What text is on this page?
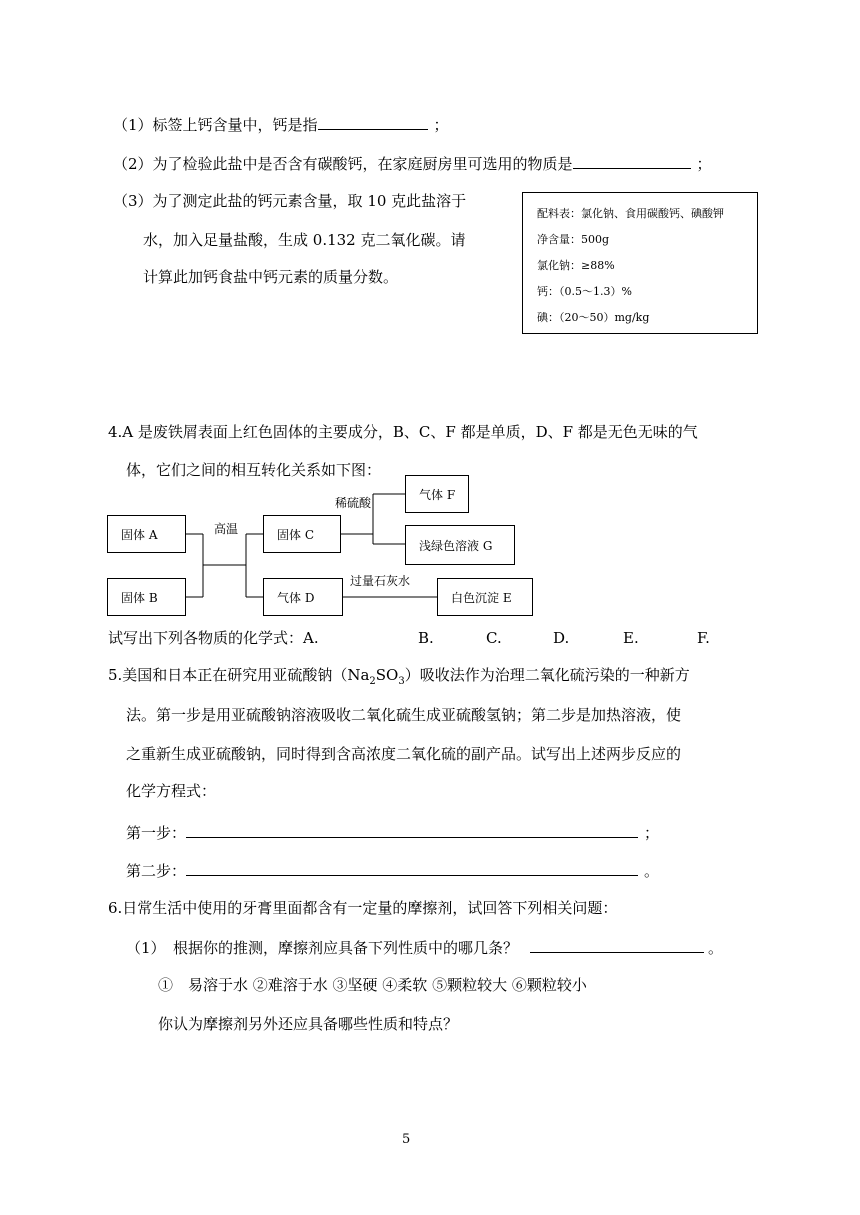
（1）标签上钙含量中，钙是指	；
（2）为了检验此盐中是否含有碳酸钙，在家庭厨房里可选用的物质是	；
（3）为了测定此盐的钙元素含量，取 10 克此盐溶于
水，加入足量盐酸，生成 0.132 克二氧化碳。请
计算此加钙食盐中钙元素的质量分数。
配料表：氯化钠、食用碳酸钙、碘酸钾
净含量：500g
氯化钠：≥88%
钙：（0.5～1.3）%
碘：（20～50）mg/kg
4.A 是废铁屑表面上红色固体的主要成分，B、C、F 都是单质，D、F 都是无色无味的气
体，它们之间的相互转化关系如下图：
固体 A
固体 B
固体 C
气体 D	白色沉淀 E
气体 F
浅绿色溶液 G
高温
稀硫酸
过量石灰水
试写出下列各物质的化学式：A.	B.	C.	D.	E.	F.
5.美国和日本正在研究用亚硫酸钠$(Na_2SO_3)$吸收法作为治理二氧化硫污染的一种新方
法。第一步是用亚硫酸钠溶液吸收二氧化硫生成亚硫酸氢钠；第二步是加热溶液，使
之重新生成亚硫酸钠，同时得到含高浓度二氧化硫的副产品。试写出上述两步反应的
化学方程式：
第一步：	；
第二步：	。
6.日常生活中使用的牙膏里面都含有一定量的摩擦剂，试回答下列相关问题：
（1）　根据你的推测，摩擦剂应具备下列性质中的哪几条？	。
①　易溶于水 ②难溶于水 ③坚硬 ④柔软 ⑤颗粒较大 ⑥颗粒较小
你认为摩擦剂另外还应具备哪些性质和特点？
5
